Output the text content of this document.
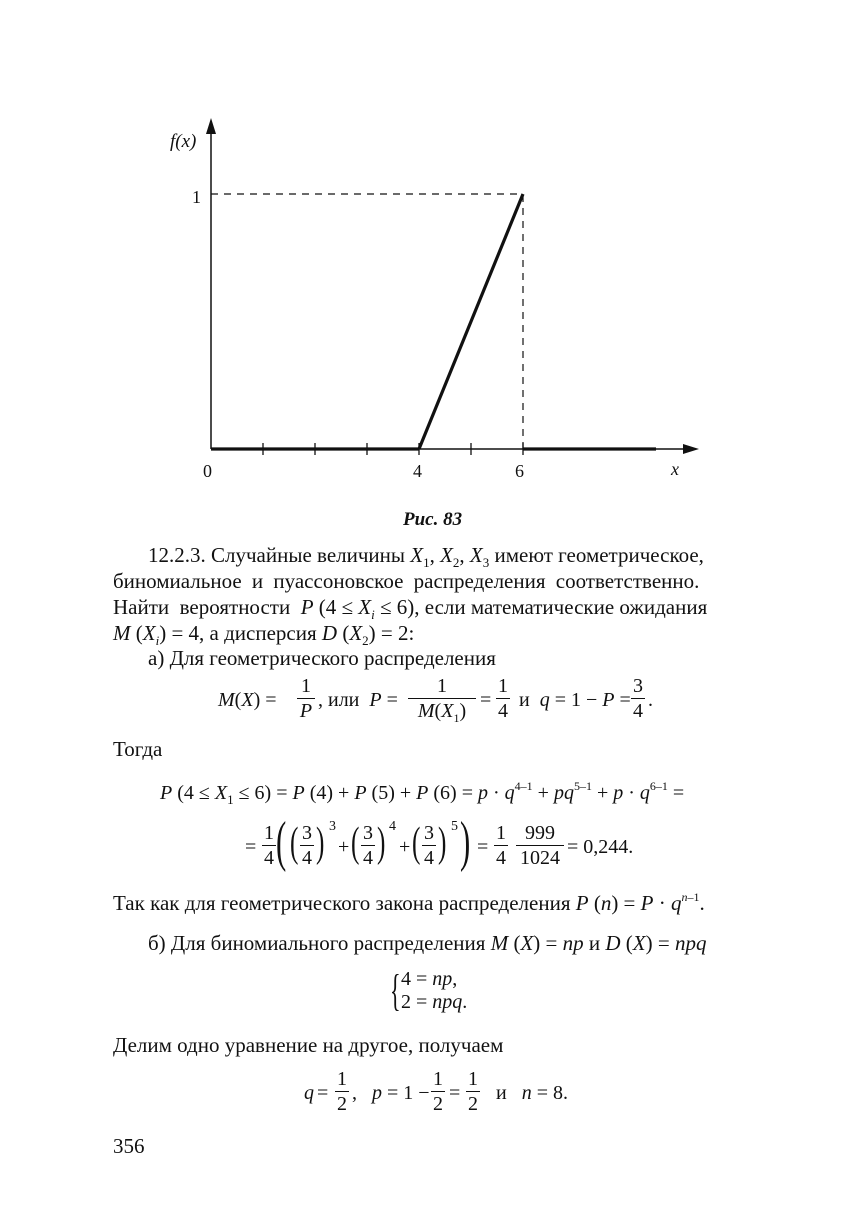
f(x)
1
0	4	6	x
Рис. 83
12.2.3. Случайные величины $X_1$, $X_2$, $X_3$ имеют геометрическое,
биномиальное и пуассоновское распределения соответственно.
Найти  вероятности  P $(4 \le X_i \le 6)$, если математические ожидания
M $(X_i) = 4$, а дисперсия D $(X_2) = 2$:
а) Для геометрического распределения
M(X) =
1
P , или  P =
1
$M(X_1)$ =
1
4 и  q = 1 − P =
3
4 .
Тогда
P $(4 \le X_1 \le 6) = P$ (4) + P (5) + P $(6) = p \cdot q^{4-1} + pq^{5-1} + p \cdot q^{6-1}$ =
=
1
4 ( ( 3
4 ) 3
+ ( 3
4 ) 4
+ ( 3
4 ) 5 ) =
1
4
999
1024 = 0,244.
Так как для геометрического закона распределения P $(n) = P \cdot q^{n-1}$.
б) Для биномиального распределения M (X) = np и D (X) = npq
{ 4 = np,
2 = npq.
Делим одно уравнение на другое, получаем
q =
1
2 ,   p = 1 −
1
2 =
1
2 и   n = 8.
356
